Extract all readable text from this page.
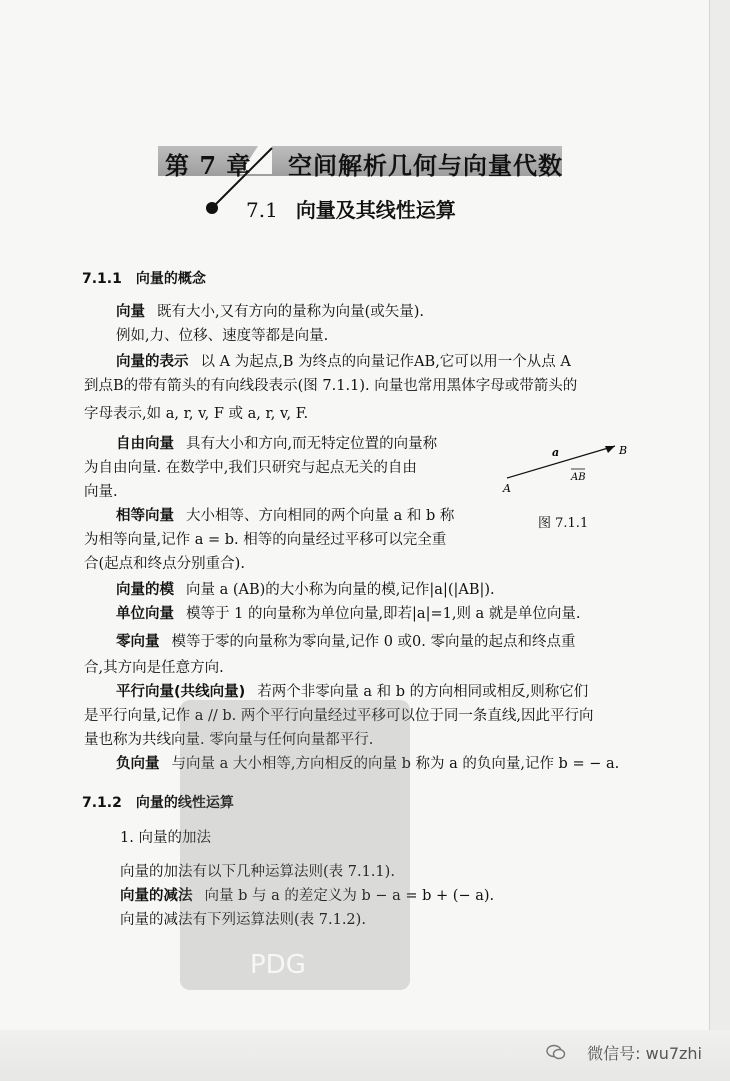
第 7 章 空间解析几何与向量代数
7.1 向量及其线性运算
7.1.1 向量的概念
向量 既有大小,又有方向的量称为向量(或矢量).
例如,力、位移、速度等都是向量.
向量的表示 以 A 为起点,B 为终点的向量记作AB,它可以用一个从点 A
到点B的带有箭头的有向线段表示(图 7.1.1). 向量也常用黑体字母或带箭头的
字母表示,如 a, r, v, F 或 a, r, v, F.
自由向量 具有大小和方向,而无特定位置的向量称
为自由向量. 在数学中,我们只研究与起点无关的自由
向量.
相等向量 大小相等、方向相同的两个向量 a 和 b 称
为相等向量,记作 a = b. 相等的向量经过平移可以完全重
合(起点和终点分别重合).
a	B
A
AB
图 7.1.1
向量的模 向量 a (AB)的大小称为向量的模,记作|a|(|AB|).
单位向量 模等于 1 的向量称为单位向量,即若|a|=1,则 a 就是单位向量.
零向量 模等于零的向量称为零向量,记作 0 或0. 零向量的起点和终点重
合,其方向是任意方向.
平行向量(共线向量) 若两个非零向量 a 和 b 的方向相同或相反,则称它们
是平行向量,记作 a // b. 两个平行向量经过平移可以位于同一条直线,因此平行向
量也称为共线向量. 零向量与任何向量都平行.
负向量 与向量 a 大小相等,方向相反的向量 b 称为 a 的负向量,记作 b = − a.
7.1.2 向量的线性运算
1. 向量的加法
向量的加法有以下几种运算法则(表 7.1.1).
向量的减法 向量 b 与 a 的差定义为 b − a = b + (− a).
向量的减法有下列运算法则(表 7.1.2).
PDG
微信号: wu7zhi
